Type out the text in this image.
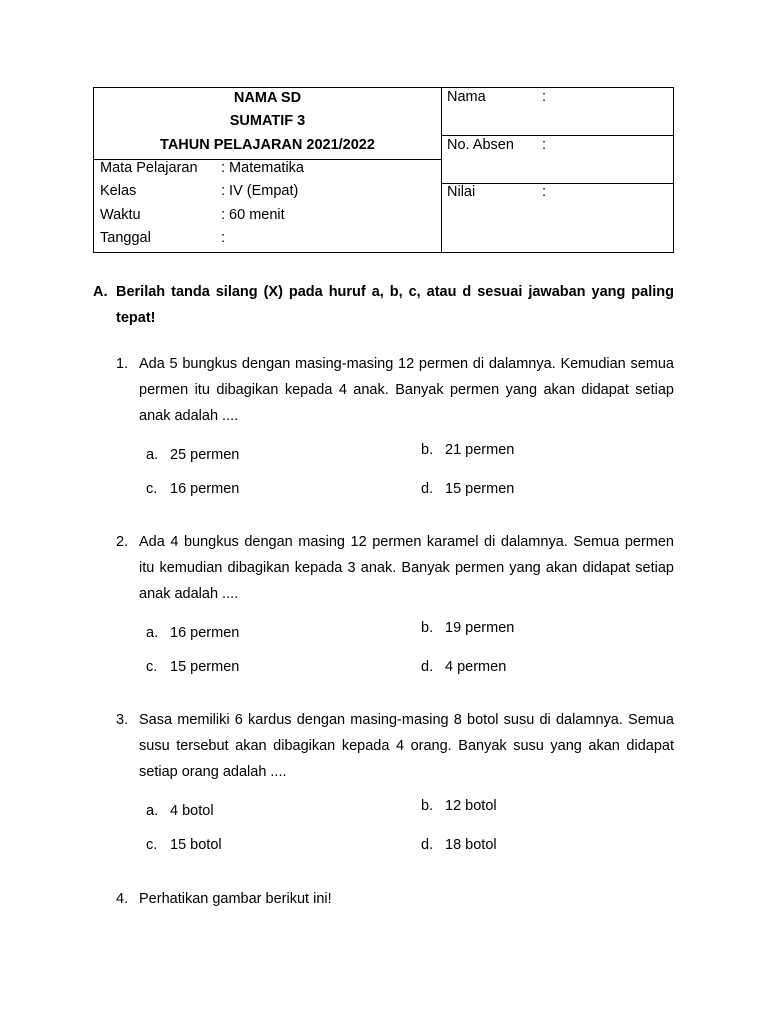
NAMA SD
SUMATIF 3
TAHUN PELAJARAN 2021/2022
Mata Pelajaran : Matematika
Kelas	: IV (Empat)
Waktu	: 60 menit
Tanggal	:
Nama	:
No. Absen :
Nilai	:
A. Berilah tanda silang (X) pada huruf a, b, c, atau d sesuai jawaban yang paling tepat!
1. Ada 5 bungkus dengan masing-masing 12 permen di dalamnya. Kemudian semua permen itu dibagikan kepada 4 anak. Banyak permen yang akan didapat setiap anak adalah ....
a. 25 permen	b. 21 permen
c. 16 permen	d. 15 permen
2. Ada 4 bungkus dengan masing 12 permen karamel di dalamnya. Semua permen itu kemudian dibagikan kepada 3 anak. Banyak permen yang akan didapat setiap anak adalah ....
a. 16 permen	b. 19 permen
c. 15 permen	d. 4 permen
3. Sasa memiliki 6 kardus dengan masing-masing 8 botol susu di dalamnya. Semua susu tersebut akan dibagikan kepada 4 orang. Banyak susu yang akan didapat setiap orang adalah ....
a. 4 botol	b. 12 botol
c. 15 botol	d. 18 botol
4. Perhatikan gambar berikut ini!
